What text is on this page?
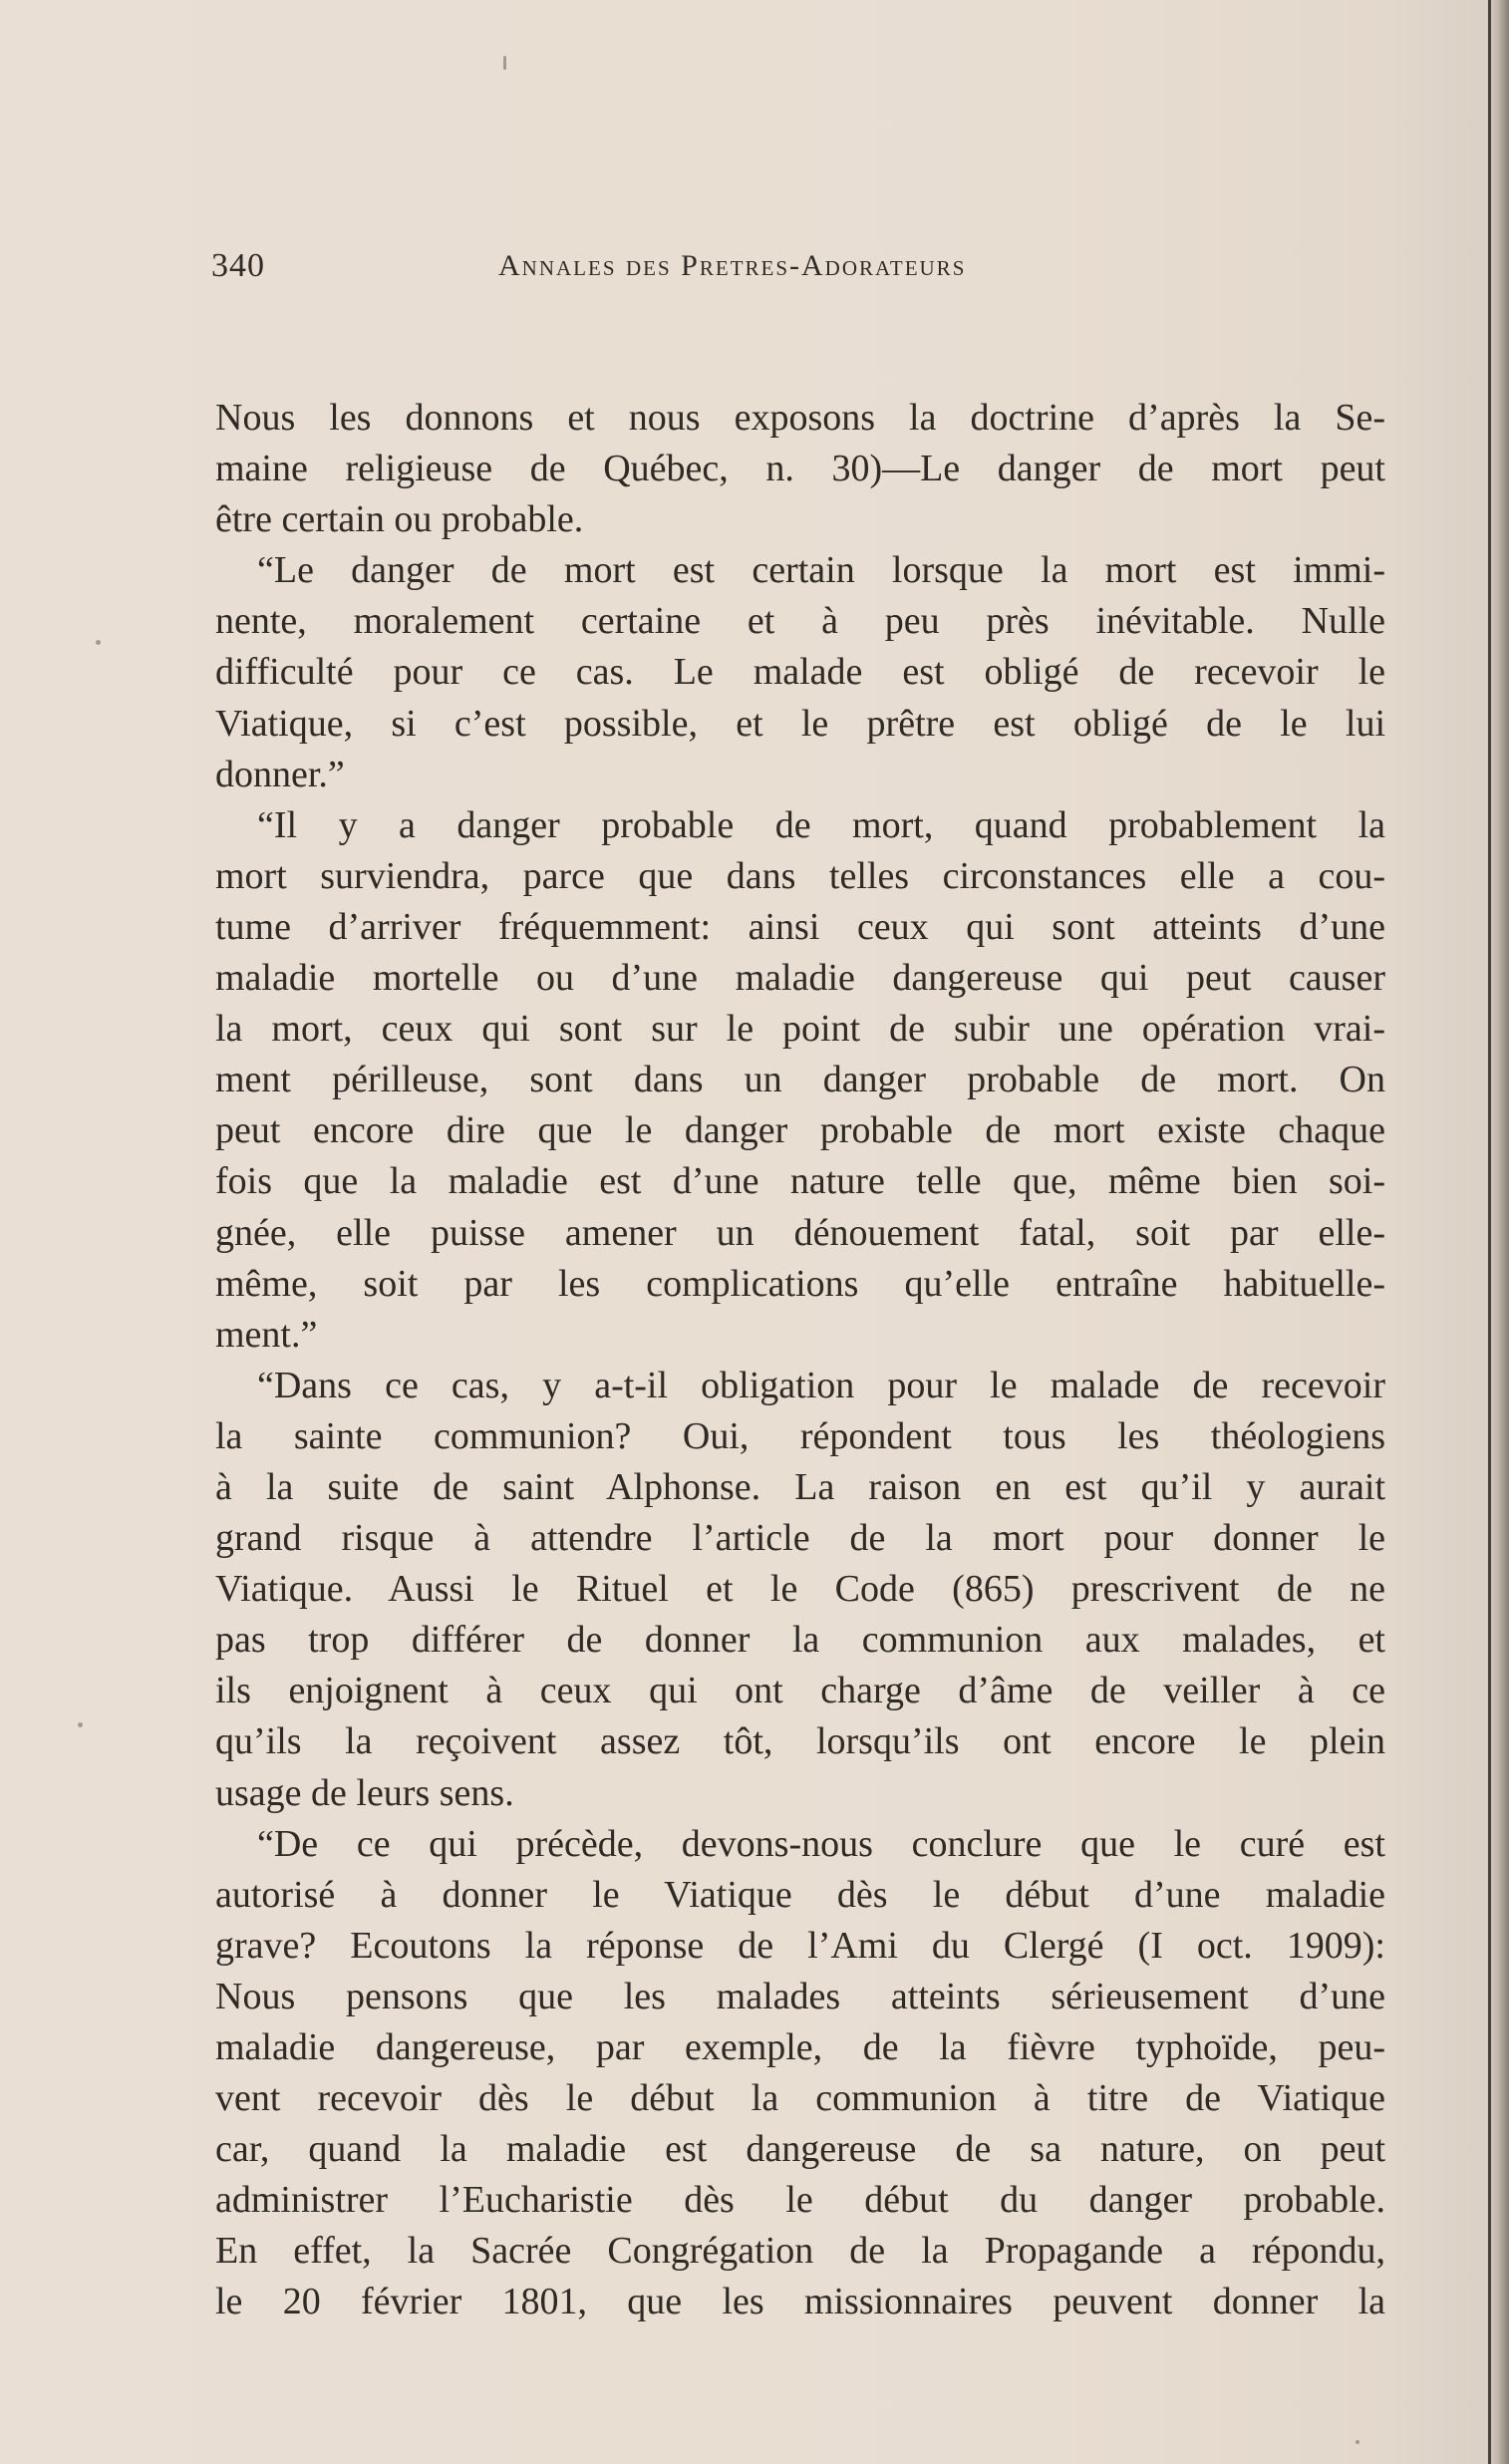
340	Annales des Pretres-Adorateurs
Nous les donnons et nous exposons la doctrine d’après la Se-
maine religieuse de Québec, n. 30)—Le danger de mort peut
être certain ou probable.
“Le danger de mort est certain lorsque la mort est immi-
nente, moralement certaine et à peu près inévitable. Nulle
difficulté pour ce cas. Le malade est obligé de recevoir le
Viatique, si c’est possible, et le prêtre est obligé de le lui
donner.”
“Il y a danger probable de mort, quand probablement la
mort surviendra, parce que dans telles circonstances elle a cou-
tume d’arriver fréquemment: ainsi ceux qui sont atteints d’une
maladie mortelle ou d’une maladie dangereuse qui peut causer
la mort, ceux qui sont sur le point de subir une opération vrai-
ment périlleuse, sont dans un danger probable de mort. On
peut encore dire que le danger probable de mort existe chaque
fois que la maladie est d’une nature telle que, même bien soi-
gnée, elle puisse amener un dénouement fatal, soit par elle-
même, soit par les complications qu’elle entraîne habituelle-
ment.”
“Dans ce cas, y a-t-il obligation pour le malade de recevoir
la sainte communion? Oui, répondent tous les théologiens
à la suite de saint Alphonse. La raison en est qu’il y aurait
grand risque à attendre l’article de la mort pour donner le
Viatique. Aussi le Rituel et le Code (865) prescrivent de ne
pas trop différer de donner la communion aux malades, et
ils enjoignent à ceux qui ont charge d’âme de veiller à ce
qu’ils la reçoivent assez tôt, lorsqu’ils ont encore le plein
usage de leurs sens.
“De ce qui précède, devons-nous conclure que le curé est
autorisé à donner le Viatique dès le début d’une maladie
grave? Ecoutons la réponse de l’Ami du Clergé (I oct. 1909):
Nous pensons que les malades atteints sérieusement d’une
maladie dangereuse, par exemple, de la fièvre typhoïde, peu-
vent recevoir dès le début la communion à titre de Viatique
car, quand la maladie est dangereuse de sa nature, on peut
administrer l’Eucharistie dès le début du danger probable.
En effet, la Sacrée Congrégation de la Propagande a répondu,
le 20 février 1801, que les missionnaires peuvent donner la
